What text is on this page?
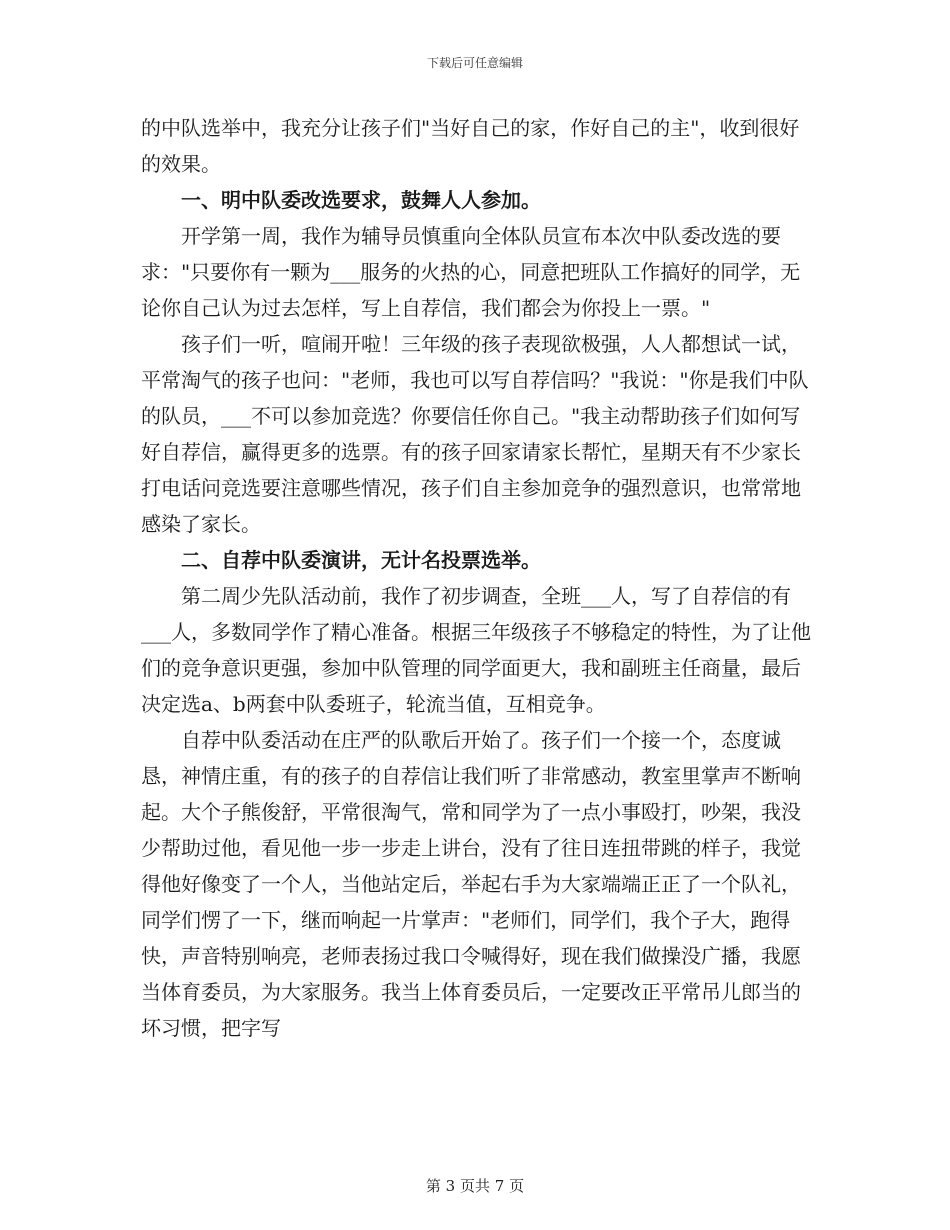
下载后可任意编辑

的中队选举中，我充分让孩子们"当好自己的家，作好自己的主"，收到很好的效果。

一、明中队委改选要求，鼓舞人人参加。

开学第一周，我作为辅导员慎重向全体队员宣布本次中队委改选的要求："只要你有一颗为___服务的火热的心，同意把班队工作搞好的同学，无论你自己认为过去怎样，写上自荐信，我们都会为你投上一票。"

孩子们一听，喧闹开啦！三年级的孩子表现欲极强，人人都想试一试，平常淘气的孩子也问："老师，我也可以写自荐信吗？"我说："你是我们中队的队员，___不可以参加竞选？你要信任你自己。"我主动帮助孩子们如何写好自荐信，赢得更多的选票。有的孩子回家请家长帮忙，星期天有不少家长打电话问竞选要注意哪些情况，孩子们自主参加竞争的强烈意识，也常常地感染了家长。

二、自荐中队委演讲，无计名投票选举。

第二周少先队活动前，我作了初步调查，全班___人，写了自荐信的有___人，多数同学作了精心准备。根据三年级孩子不够稳定的特性，为了让他们的竞争意识更强，参加中队管理的同学面更大，我和副班主任商量，最后决定选a、b两套中队委班子，轮流当值，互相竞争。

自荐中队委活动在庄严的队歌后开始了。孩子们一个接一个，态度诚恳，神情庄重，有的孩子的自荐信让我们听了非常感动，教室里掌声不断响起。大个子熊俊舒，平常很淘气，常和同学为了一点小事殴打，吵架，我没少帮助过他，看见他一步一步走上讲台，没有了往日连扭带跳的样子，我觉得他好像变了一个人，当他站定后，举起右手为大家端端正正了一个队礼，同学们愣了一下，继而响起一片掌声："老师们，同学们，我个子大，跑得快，声音特别响亮，老师表扬过我口令喊得好，现在我们做操没广播，我愿当体育委员，为大家服务。我当上体育委员后，一定要改正平常吊儿郎当的坏习惯，把字写

第 3 页共 7 页
